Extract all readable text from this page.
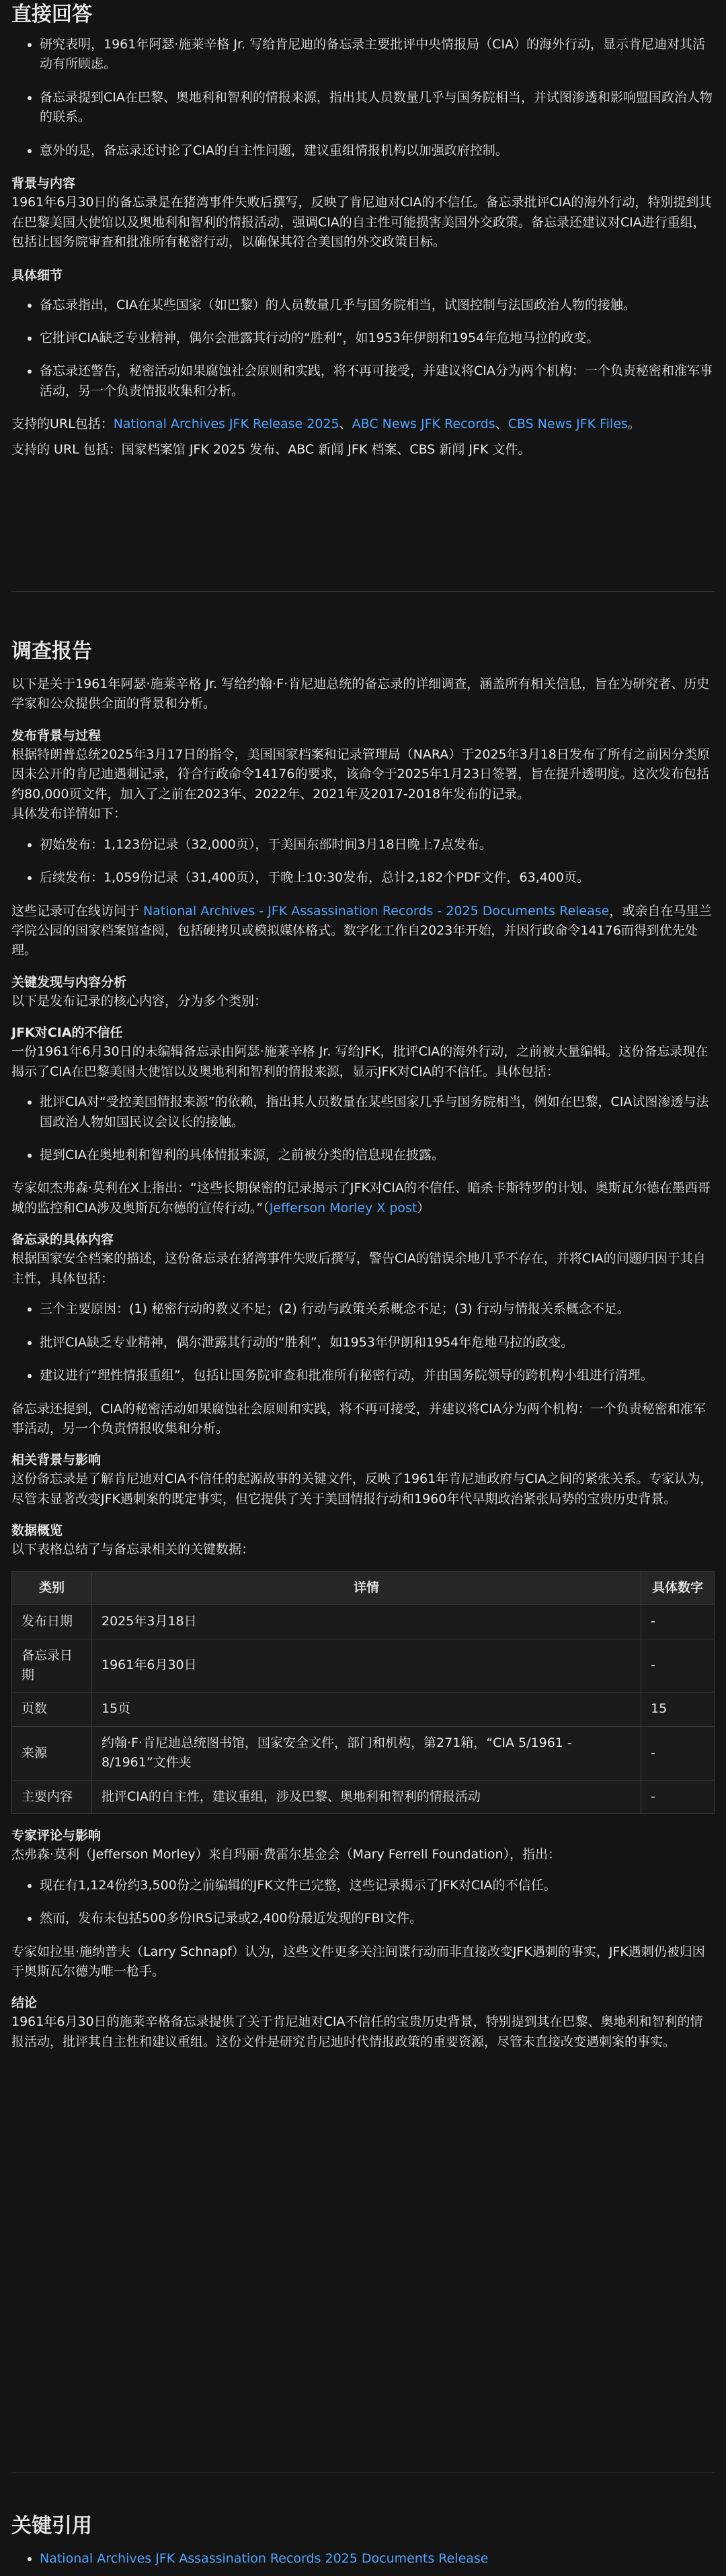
直接回答
• 研究表明，1961年阿瑟·施莱辛格 Jr. 写给肯尼迪的备忘录主要批评中央情报局（CIA）的海外行动，显示肯尼迪对其活动有所顾虑。
• 备忘录提到CIA在巴黎、奥地利和智利的情报来源，指出其人员数量几乎与国务院相当，并试图渗透和影响盟国政治人物的联系。
• 意外的是，备忘录还讨论了CIA的自主性问题，建议重组情报机构以加强政府控制。
背景与内容

1961年6月30日的备忘录是在猪湾事件失败后撰写，反映了肯尼迪对CIA的不信任。备忘录批评CIA的海外行动，特别提到其在巴黎美国大使馆以及奥地利和智利的情报活动，强调CIA的自主性可能损害美国外交政策。备忘录还建议对CIA进行重组，包括让国务院审查和批准所有秘密行动，以确保其符合美国的外交政策目标。

具体细节
• 备忘录指出，CIA在某些国家（如巴黎）的人员数量几乎与国务院相当，试图控制与法国政治人物的接触。
• 它批评CIA缺乏专业精神，偶尔会泄露其行动的“胜利”，如1953年伊朗和1954年危地马拉的政变。
• 备忘录还警告，秘密活动如果腐蚀社会原则和实践，将不再可接受，并建议将CIA分为两个机构：一个负责秘密和准军事活动，另一个负责情报收集和分析。

支持的URL包括：National Archives JFK Release 2025、ABC News JFK Records、CBS News JFK Files。

支持的 URL 包括：国家档案馆 JFK 2025 发布、ABC 新闻 JFK 档案、CBS 新闻 JFK 文件。

调查报告

以下是关于1961年阿瑟·施莱辛格 Jr. 写给约翰·F·肯尼迪总统的备忘录的详细调查，涵盖所有相关信息，旨在为研究者、历史学家和公众提供全面的背景和分析。

发布背景与过程

根据特朗普总统2025年3月17日的指令，美国国家档案和记录管理局（NARA）于2025年3月18日发布了所有之前因分类原因未公开的肯尼迪遇刺记录，符合行政命令14176的要求，该命令于2025年1月23日签署，旨在提升透明度。这次发布包括约80,000页文件，加入了之前在2023年、2022年、2021年及2017-2018年发布的记录。

具体发布详情如下：

• 初始发布：1,123份记录（32,000页），于美国东部时间3月18日晚上7点发布。
• 后续发布：1,059份记录（31,400页），于晚上10:30发布，总计2,182个PDF文件，63,400页。

这些记录可在线访问于 National Archives - JFK Assassination Records - 2025 Documents Release，或亲自在马里兰学院公园的国家档案馆查阅，包括硬拷贝或模拟媒体格式。数字化工作自2023年开始，并因行政命令14176而得到优先处理。

关键发现与内容分析

以下是发布记录的核心内容，分为多个类别：

JFK对CIA的不信任

一份1961年6月30日的未编辑备忘录由阿瑟·施莱辛格 Jr. 写给JFK，批评CIA的海外行动，之前被大量编辑。这份备忘录现在揭示了CIA在巴黎美国大使馆以及奥地利和智利的情报来源，显示JFK对CIA的不信任。具体包括：

• 批评CIA对“受控美国情报来源”的依赖，指出其人员数量在某些国家几乎与国务院相当，例如在巴黎，CIA试图渗透与法国政治人物如国民议会议长的接触。
• 提到CIA在奥地利和智利的具体情报来源，之前被分类的信息现在披露。

专家如杰弗森·莫利在X上指出：“这些长期保密的记录揭示了JFK对CIA的不信任、暗杀卡斯特罗的计划、奥斯瓦尔德在墨西哥城的监控和CIA涉及奥斯瓦尔德的宣传行动。”（Jefferson Morley X post）

备忘录的具体内容

根据国家安全档案的描述，这份备忘录在猪湾事件失败后撰写，警告CIA的错误余地几乎不存在，并将CIA的问题归因于其自主性，具体包括：

• 三个主要原因：(1) 秘密行动的教义不足；(2) 行动与政策关系概念不足；(3) 行动与情报关系概念不足。
• 批评CIA缺乏专业精神，偶尔泄露其行动的“胜利”，如1953年伊朗和1954年危地马拉的政变。
• 建议进行“理性情报重组”，包括让国务院审查和批准所有秘密行动，并由国务院领导的跨机构小组进行清理。

备忘录还提到，CIA的秘密活动如果腐蚀社会原则和实践，将不再可接受，并建议将CIA分为两个机构：一个负责秘密和准军事活动，另一个负责情报收集和分析。

相关背景与影响

这份备忘录是了解肯尼迪对CIA不信任的起源故事的关键文件，反映了1961年肯尼迪政府与CIA之间的紧张关系。专家认为，尽管未显著改变JFK遇刺案的既定事实，但它提供了关于美国情报行动和1960年代早期政治紧张局势的宝贵历史背景。

数据概览

以下表格总结了与备忘录相关的关键数据：

类别	详情	具体数字
发布日期	2025年3月18日	-
备忘录日期	1961年6月30日	-
页数	15页	15
来源	约翰·F·肯尼迪总统图书馆，国家安全文件，部门和机构，第271箱，“CIA 5/1961 - 8/1961”文件夹	-
主要内容	批评CIA的自主性，建议重组，涉及巴黎、奥地利和智利的情报活动	-
专家评论与影响

杰弗森·莫利（Jefferson Morley）来自玛丽·费雷尔基金会（Mary Ferrell Foundation），指出：

• 现在有1,124份约3,500份之前编辑的JFK文件已完整，这些记录揭示了JFK对CIA的不信任。
• 然而，发布未包括500多份IRS记录或2,400份最近发现的FBI文件。

专家如拉里·施纳普夫（Larry Schnapf）认为，这些文件更多关注间谍行动而非直接改变JFK遇刺的事实，JFK遇刺仍被归因于奥斯瓦尔德为唯一枪手。

结论

1961年6月30日的施莱辛格备忘录提供了关于肯尼迪对CIA不信任的宝贵历史背景，特别提到其在巴黎、奥地利和智利的情报活动，批评其自主性和建议重组。这份文件是研究肯尼迪时代情报政策的重要资源，尽管未直接改变遇刺案的事实。

关键引用
• National Archives JFK Assassination Records 2025 Documents Release
